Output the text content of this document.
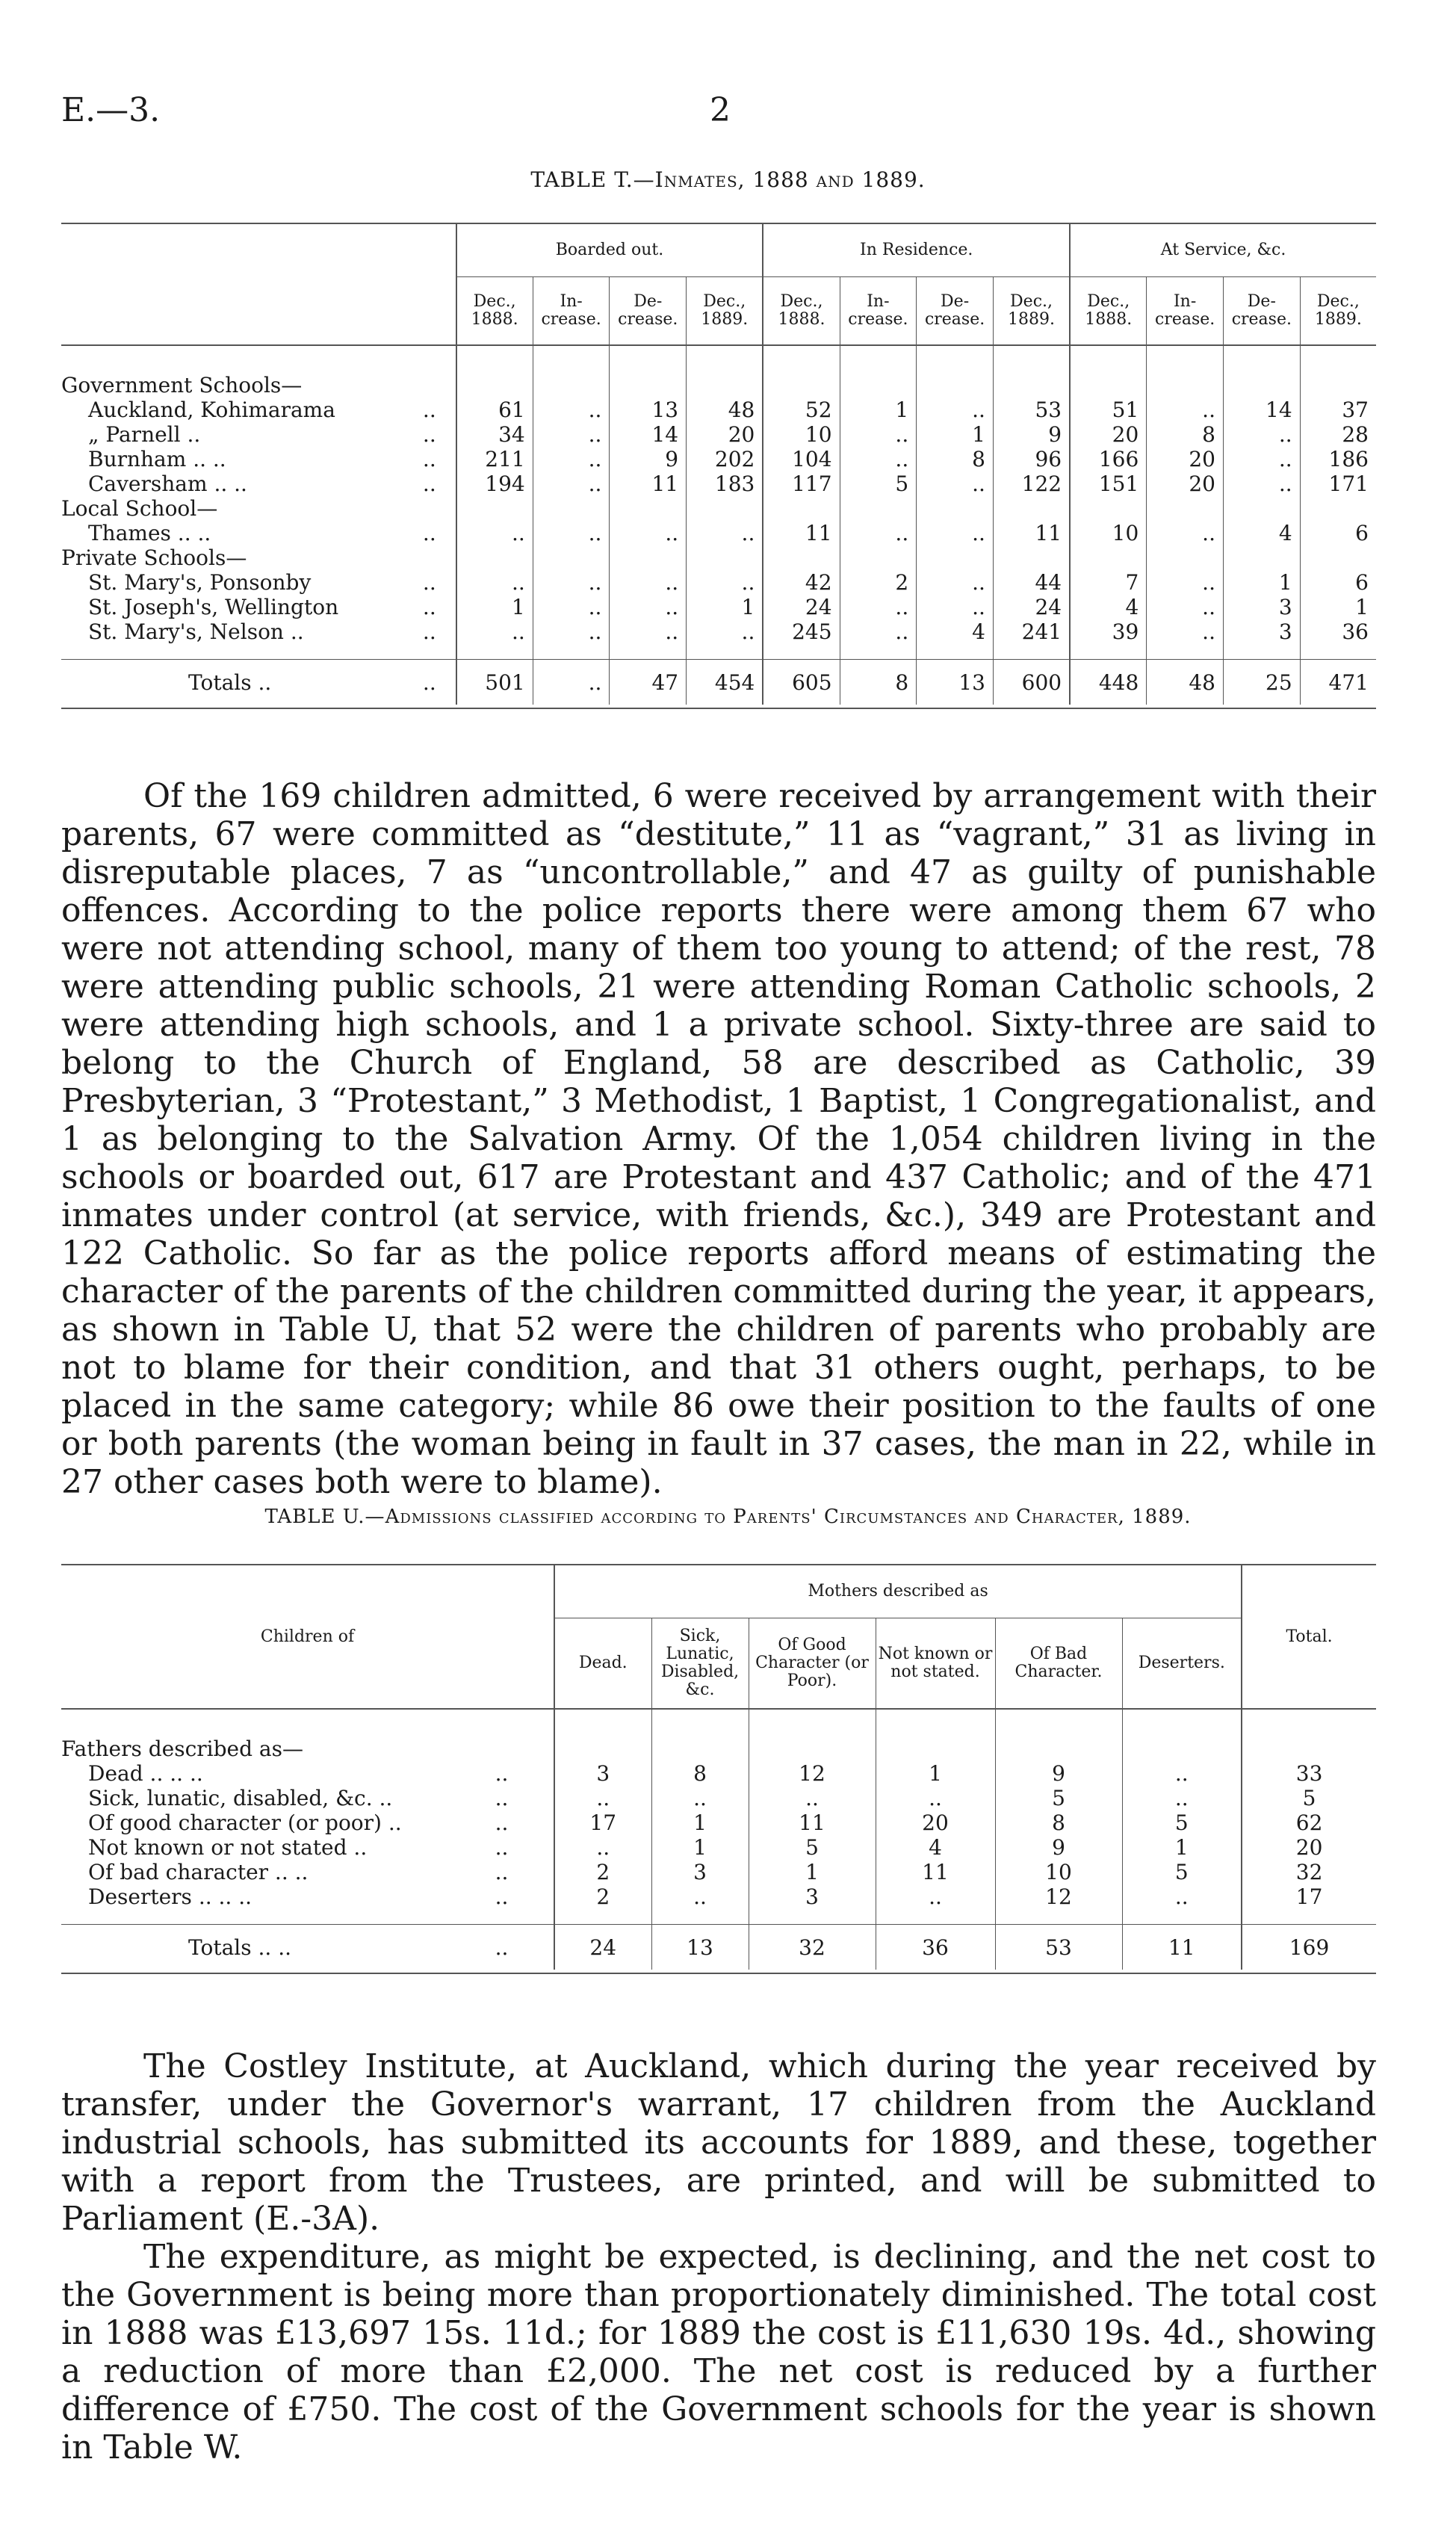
E.—3.	2
TABLE T.—Inmates, 1888 and 1889.
		Boarded out.				In Residence.				At Service, &c.			
		Dec., 1888.	In- crease.	De- crease.	Dec., 1889.	Dec., 1888.	In- crease.	De- crease.	Dec., 1889.	Dec., 1888.	In- crease.	De- crease.	Dec., 1889.

Government Schools—													
Auckland, Kohimarama	..	61	..	13	48	52	1	..	53	51	..	14	37
„ Parnell ..	..	34	..	14	20	10	..	1	9	20	8	..	28
Burnham .. ..	..	211	..	9	202	104	..	8	96	166	20	..	186
Caversham .. ..	..	194	..	11	183	117	5	..	122	151	20	..	171
Local School—													
Thames .. ..	..	..	..	..	..	11	..	..	11	10	..	4	6
Private Schools—													
St. Mary's, Ponsonby	..	..	..	..	..	42	2	..	44	7	..	1	6
St. Joseph's, Wellington	..	1	..	..	1	24	..	..	24	4	..	3	1
St. Mary's, Nelson ..	..	..	..	..	..	245	..	4	241	39	..	3	36

Totals ..	..	501	..	47	454	605	8	13	600	448	48	25	471

Of the 169 children admitted, 6 were received by arrangement with their parents, 67 were committed as “destitute,” 11 as “vagrant,” 31 as living in disreputable places, 7 as “uncontrollable,” and 47 as guilty of punishable offences. According to the police reports there were among them 67 who were not attending school, many of them too young to attend; of the rest, 78 were attending public schools, 21 were attending Roman Catholic schools, 2 were attending high schools, and 1 a private school. Sixty-three are said to belong to the Church of England, 58 are described as Catholic, 39 Presbyterian, 3 “Protestant,” 3 Methodist, 1 Baptist, 1 Congregationalist, and 1 as belonging to the Salvation Army. Of the 1,054 children living in the schools or boarded out, 617 are Protestant and 437 Catholic; and of the 471 inmates under control (at service, with friends, &c.), 349 are Protestant and 122 Catholic. So far as the police reports afford means of estimating the character of the parents of the children committed during the year, it appears, as shown in Table U, that 52 were the children of parents who probably are not to blame for their condition, and that 31 others ought, perhaps, to be placed in the same category; while 86 owe their position to the faults of one or both parents (the woman being in fault in 37 cases, the man in 22, while in 27 other cases both were to blame).

TABLE U.—Admissions classified according to Parents' Circumstances and Character, 1889.
Children of		Mothers described as						Total.
		Dead.	Sick, Lunatic, Disabled, &c.	Of Good Character (or Poor).	Not known or not stated.	Of Bad Character.	Deserters.	

Fathers described as—								
Dead .. .. ..	..	3	8	12	1	9	..	33
Sick, lunatic, disabled, &c. ..	..	..	..	..	..	5	..	5
Of good character (or poor) ..	..	17	1	11	20	8	5	62
Not known or not stated ..	..	..	1	5	4	9	1	20
Of bad character .. ..	..	2	3	1	11	10	5	32
Deserters .. .. ..	..	2	..	3	..	12	..	17

Totals .. ..	..	24	13	32	36	53	11	169

The Costley Institute, at Auckland, which during the year received by transfer, under the Governor's warrant, 17 children from the Auckland industrial schools, has submitted its accounts for 1889, and these, together with a report from the Trustees, are printed, and will be submitted to Parliament (E.-3A).

The expenditure, as might be expected, is declining, and the net cost to the Government is being more than proportionately diminished. The total cost in 1888 was £13,697 15s. 11d.; for 1889 the cost is £11,630 19s. 4d., showing a reduction of more than £2,000. The net cost is reduced by a further difference of £750. The cost of the Government schools for the year is shown in Table W.
